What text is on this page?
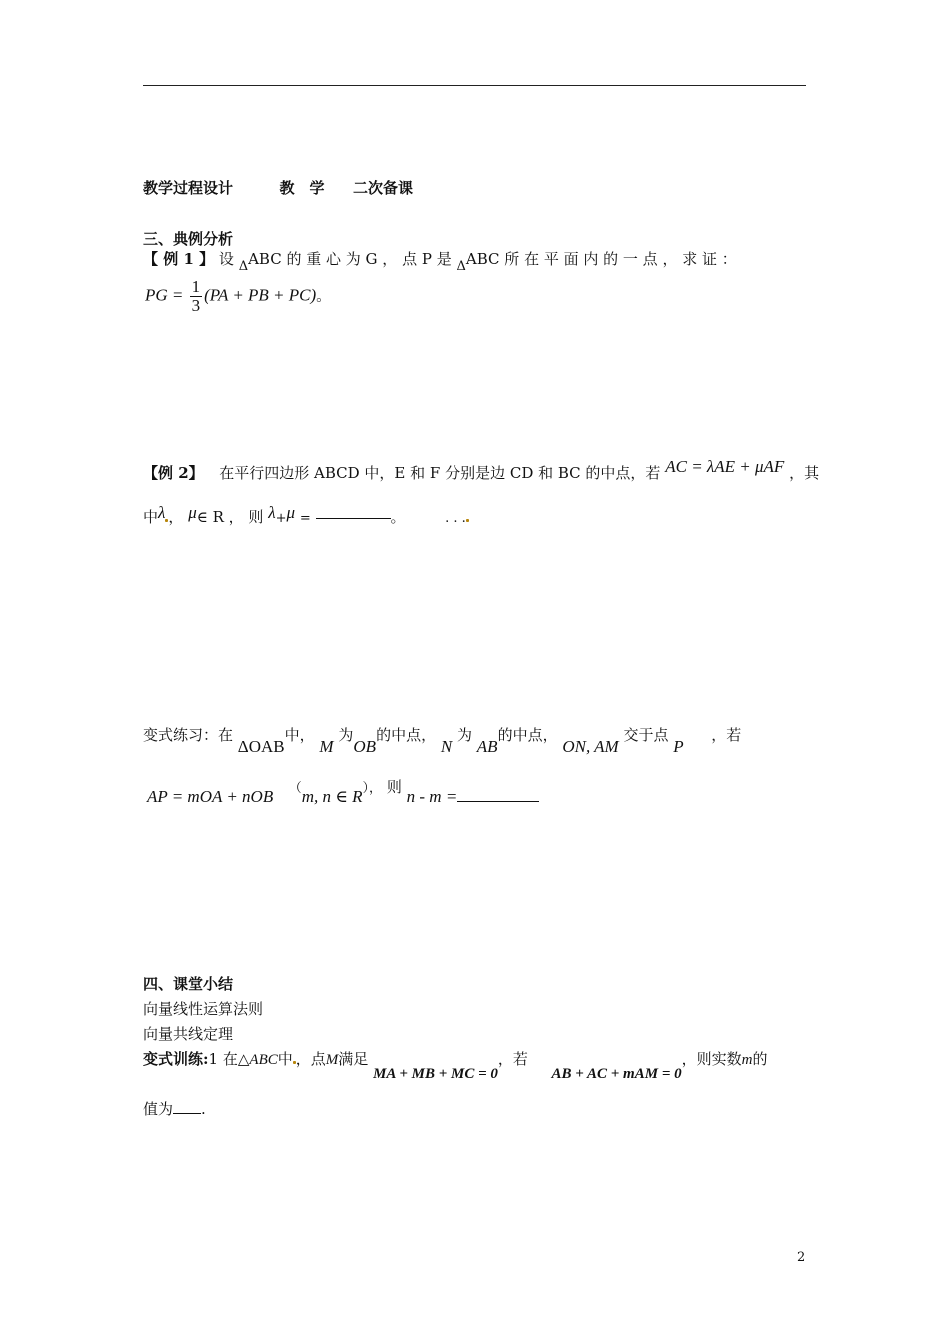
教学过程设计	教　学 二次备课
三、典例分析
【 例 1 】 设 ΔABC 的 重 心 为 G ， 点 P 是 ΔABC 所 在 平 面 内 的 一 点 ， 求 证 ：
PG = $\frac{1}{3} (PA$ + PB + PC)。
【例 2】 在平行四边形 ABCD 中，E 和 F 分别是边 CD 和 BC 的中点，若 AC = λAE + μAF ，其
中λ ， μ∈ R ， 则 λ+μ =	。	. . .
变式练习：在 ΔOAB中， M 为OB的中点， N 为 AB的中点， ON, AM 交于点 P  ，若
AP = mOA + nOB （m, n ∈ R）， 则 n - m =
四、课堂小结
向量线性运算法则
向量共线定理
变式训练:1 在△ABC中 ，点M满足 MA + MB + MC = 0，若  AB + AC + mAM = 0，则实数m的
值为 .
2
